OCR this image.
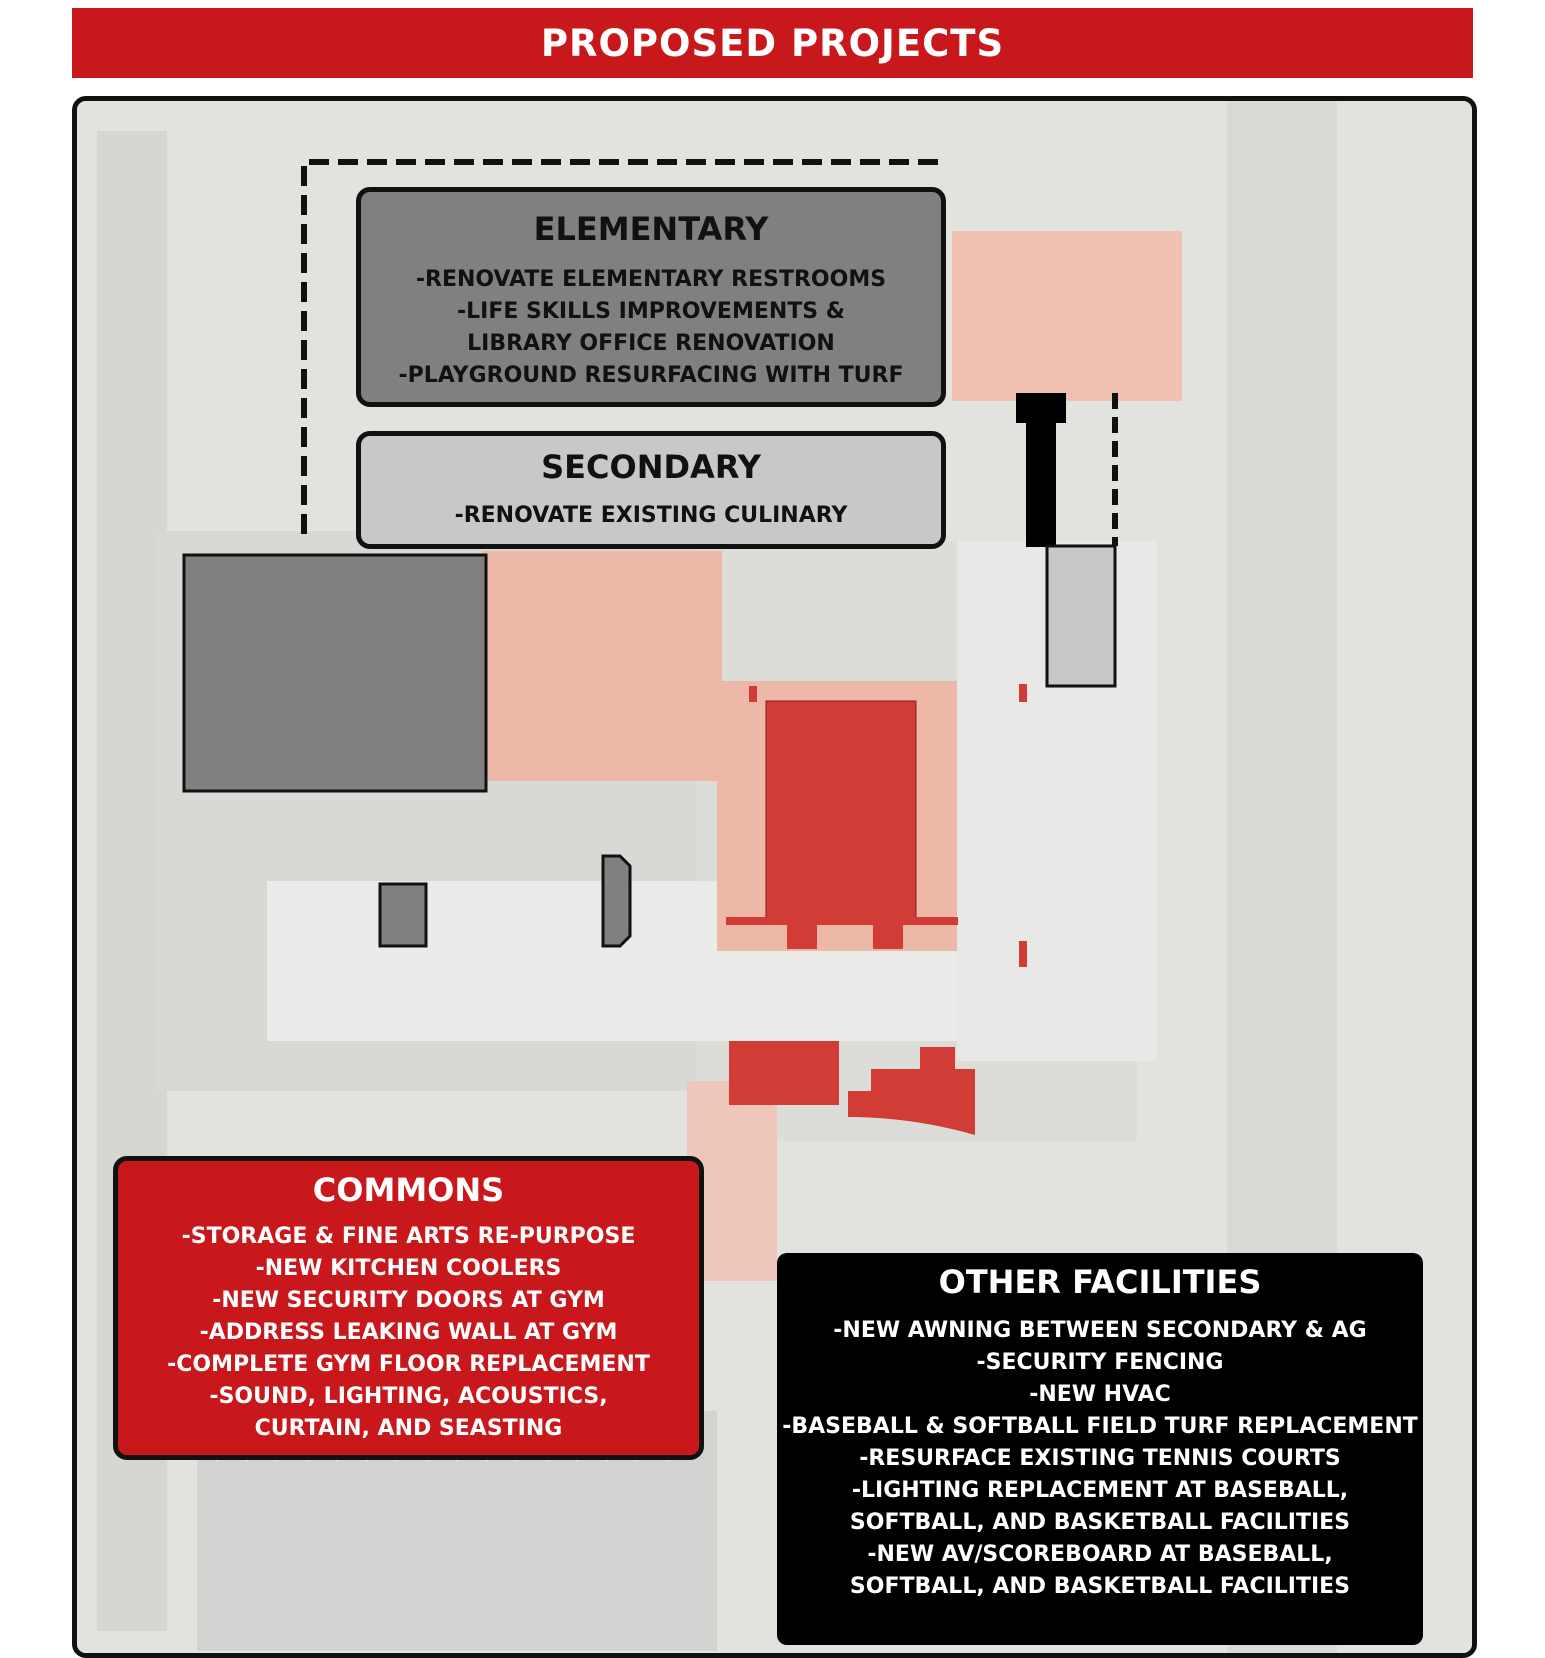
PROPOSED PROJECTS
ELEMENTARY
-RENOVATE ELEMENTARY RESTROOMS
-LIFE SKILLS IMPROVEMENTS &
LIBRARY OFFICE RENOVATION
-PLAYGROUND RESURFACING WITH TURF
SECONDARY
-RENOVATE EXISTING CULINARY
COMMONS
-STORAGE & FINE ARTS RE-PURPOSE
-NEW KITCHEN COOLERS
-NEW SECURITY DOORS AT GYM
-ADDRESS LEAKING WALL AT GYM
-COMPLETE GYM FLOOR REPLACEMENT
-SOUND, LIGHTING, ACOUSTICS,
CURTAIN, AND SEASTING
OTHER FACILITIES
-NEW AWNING BETWEEN SECONDARY & AG
-SECURITY FENCING
-NEW HVAC
-BASEBALL & SOFTBALL FIELD TURF REPLACEMENT
-RESURFACE EXISTING TENNIS COURTS
-LIGHTING REPLACEMENT AT BASEBALL,
SOFTBALL, AND BASKETBALL FACILITIES
-NEW AV/SCOREBOARD AT BASEBALL,
SOFTBALL, AND BASKETBALL FACILITIES
